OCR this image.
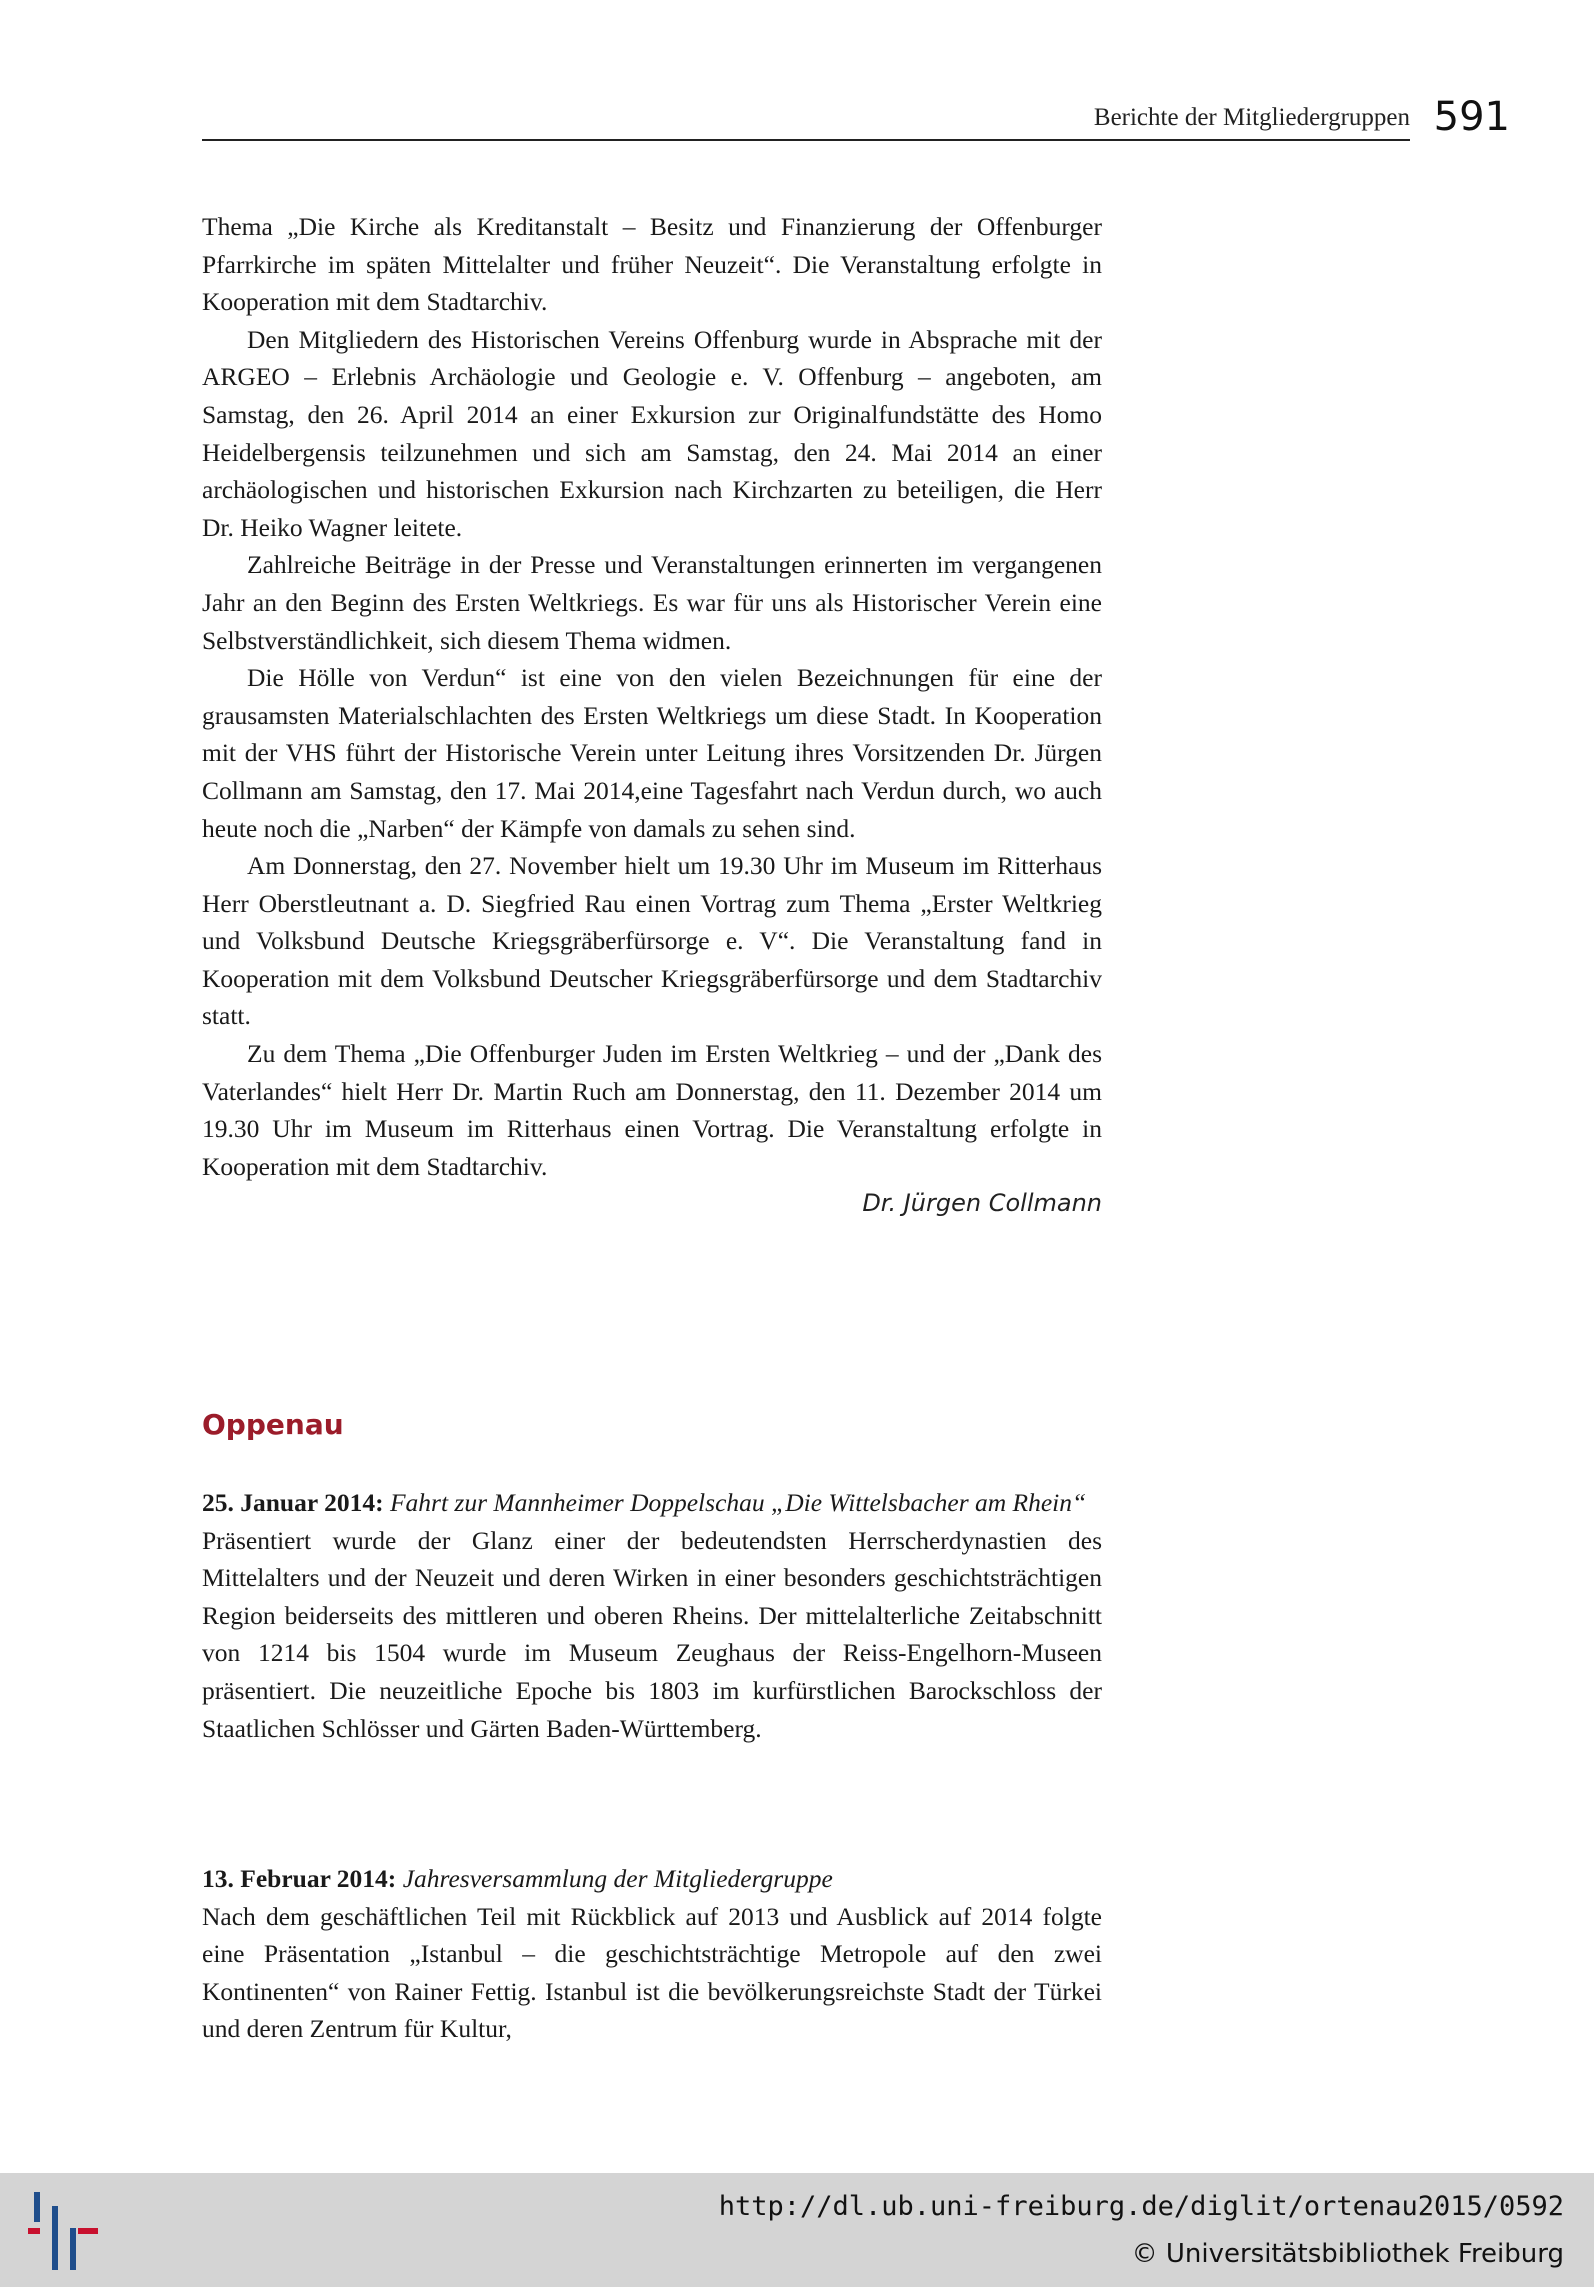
Berichte der Mitgliedergruppen 591

Thema „Die Kirche als Kreditanstalt – Besitz und Finanzierung der Offenburger Pfarrkirche im späten Mittelalter und früher Neuzeit“. Die Veranstaltung erfolgte in Kooperation mit dem Stadtarchiv.

Den Mitgliedern des Historischen Vereins Offenburg wurde in Absprache mit der ARGEO – Erlebnis Archäologie und Geologie e. V. Offenburg – angeboten, am Samstag, den 26. April 2014 an einer Exkursion zur Originalfundstätte des Homo Heidelbergensis teilzunehmen und sich am Samstag, den 24. Mai 2014 an einer archäologischen und historischen Exkursion nach Kirchzarten zu beteiligen, die Herr Dr. Heiko Wagner leitete.

Zahlreiche Beiträge in der Presse und Veranstaltungen erinnerten im vergangenen Jahr an den Beginn des Ersten Weltkriegs. Es war für uns als Historischer Verein eine Selbstverständlichkeit, sich diesem Thema widmen.

Die Hölle von Verdun“ ist eine von den vielen Bezeichnungen für eine der grausamsten Materialschlachten des Ersten Weltkriegs um diese Stadt. In Kooperation mit der VHS führt der Historische Verein unter Leitung ihres Vorsitzenden Dr. Jürgen Collmann am Samstag, den 17. Mai 2014,eine Tagesfahrt nach Verdun durch, wo auch heute noch die „Narben“ der Kämpfe von damals zu sehen sind.

Am Donnerstag, den 27. November hielt um 19.30 Uhr im Museum im Ritterhaus Herr Oberstleutnant a. D. Siegfried Rau einen Vortrag zum Thema „Erster Weltkrieg und Volksbund Deutsche Kriegsgräberfürsorge e. V“. Die Veranstaltung fand in Kooperation mit dem Volksbund Deutscher Kriegsgräberfürsorge und dem Stadtarchiv statt.

Zu dem Thema „Die Offenburger Juden im Ersten Weltkrieg – und der „Dank des Vaterlandes“ hielt Herr Dr. Martin Ruch am Donnerstag, den 11. Dezember 2014 um 19.30 Uhr im Museum im Ritterhaus einen Vortrag. Die Veranstaltung erfolgte in Kooperation mit dem Stadtarchiv.

Dr. Jürgen Collmann
Oppenau

25. Januar 2014: Fahrt zur Mannheimer Doppelschau „Die Wittelsbacher am Rhein“

Präsentiert wurde der Glanz einer der bedeutendsten Herrscherdynastien des Mittelalters und der Neuzeit und deren Wirken in einer besonders geschichtsträchtigen Region beiderseits des mittleren und oberen Rheins. Der mittelalterliche Zeitabschnitt von 1214 bis 1504 wurde im Museum Zeughaus der Reiss-Engelhorn-Museen präsentiert. Die neuzeitliche Epoche bis 1803 im kurfürstlichen Barockschloss der Staatlichen Schlösser und Gärten Baden-Württemberg.

13. Februar 2014: Jahresversammlung der Mitgliedergruppe

Nach dem geschäftlichen Teil mit Rückblick auf 2013 und Ausblick auf 2014 folgte eine Präsentation „Istanbul – die geschichtsträchtige Metropole auf den zwei Kontinenten“ von Rainer Fettig. Istanbul ist die bevölkerungsreichste Stadt der Türkei und deren Zentrum für Kultur,

http://dl.ub.uni-freiburg.de/diglit/ortenau2015/0592
© Universitätsbibliothek Freiburg
